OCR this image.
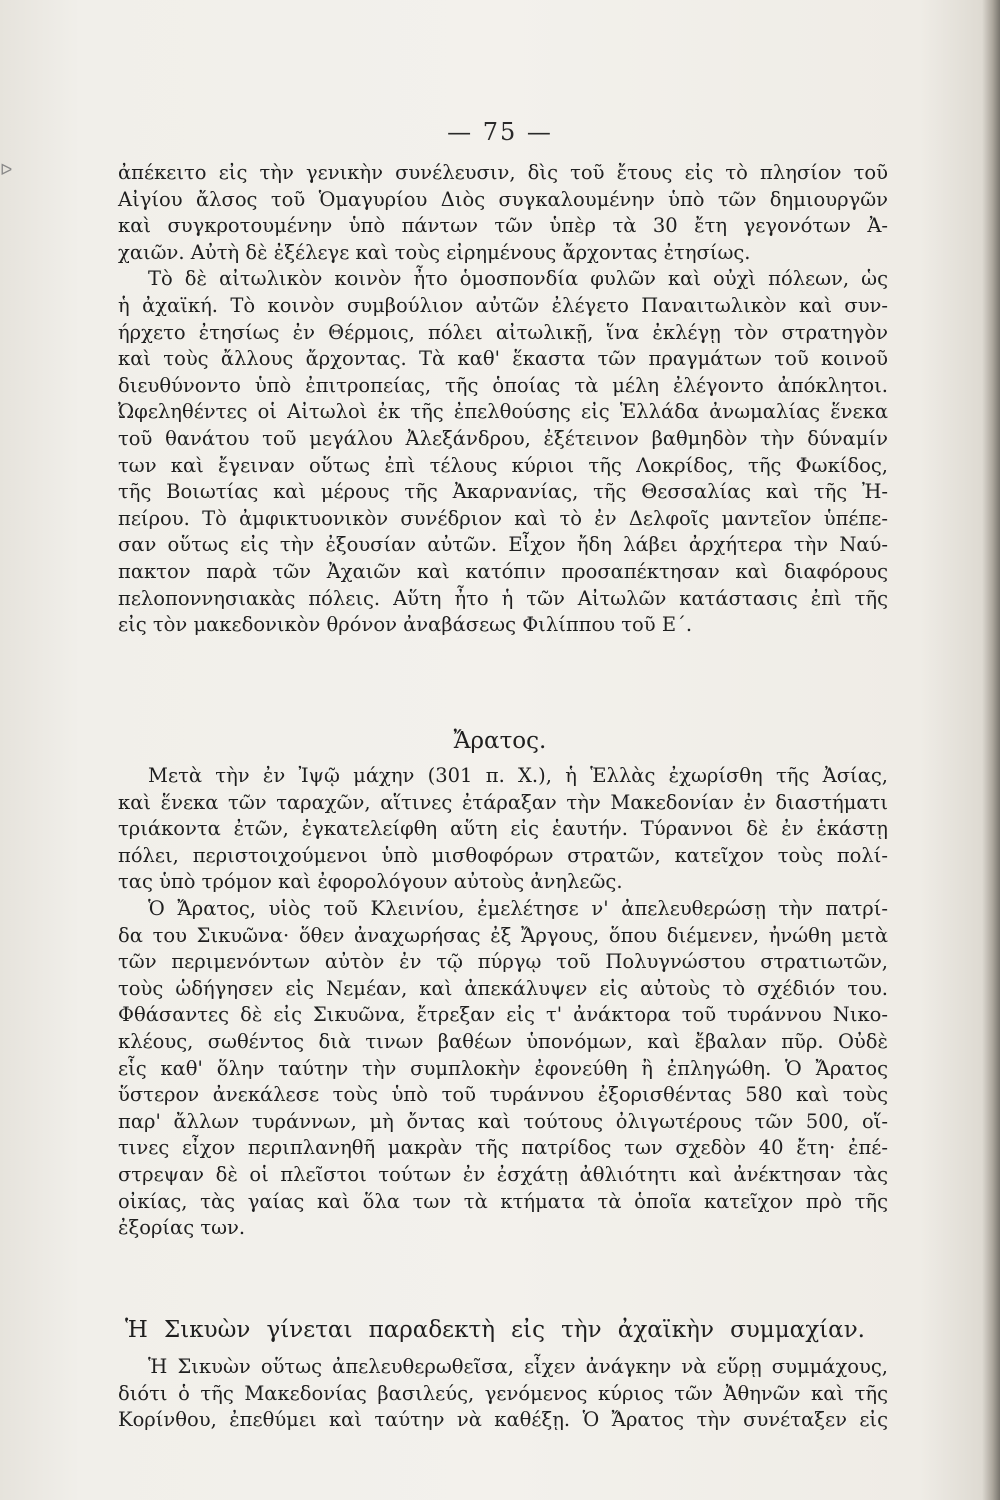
ᐅ
— 75 —
ἀπέκειτο εἰς τὴν γενικὴν συνέλευσιν, δὶς τοῦ ἔτους εἰς τὸ πλησίον τοῦ
Αἰγίου ἄλσος τοῦ Ὁμαγυρίου Διὸς συγκαλουμένην ὑπὸ τῶν δημιουργῶν
καὶ συγκροτουμένην ὑπὸ πάντων τῶν ὑπὲρ τὰ 30 ἔτη γεγονότων Ἀ-
χαιῶν. Αὐτὴ δὲ ἐξέλεγε καὶ τοὺς εἰρημένους ἄρχοντας ἐτησίως.
Τὸ δὲ αἰτωλικὸν κοινὸν ἦτο ὁμοσπονδία φυλῶν καὶ οὐχὶ πόλεων, ὡς
ἡ ἀχαϊκή. Τὸ κοινὸν συμβούλιον αὐτῶν ἐλέγετο Παναιτωλικὸν καὶ συν-
ήρχετο ἐτησίως ἐν Θέρμοις, πόλει αἰτωλικῇ, ἵνα ἐκλέγῃ τὸν στρατηγὸν
καὶ τοὺς ἄλλους ἄρχοντας. Τὰ καθ' ἕκαστα τῶν πραγμάτων τοῦ κοινοῦ
διευθύνοντο ὑπὸ ἐπιτροπείας, τῆς ὁποίας τὰ μέλη ἐλέγοντο ἀπόκλητοι.
Ὠφεληθέντες οἱ Αἰτωλοὶ ἐκ τῆς ἐπελθούσης εἰς Ἑλλάδα ἀνωμαλίας ἕνεκα
τοῦ θανάτου τοῦ μεγάλου Ἀλεξάνδρου, ἐξέτεινον βαθμηδὸν τὴν δύναμίν
των καὶ ἔγειναν οὕτως ἐπὶ τέλους κύριοι τῆς Λοκρίδος, τῆς Φωκίδος,
τῆς Βοιωτίας καὶ μέρους τῆς Ἀκαρνανίας, τῆς Θεσσαλίας καὶ τῆς Ἠ-
πείρου. Τὸ ἀμφικτυονικὸν συνέδριον καὶ τὸ ἐν Δελφοῖς μαντεῖον ὑπέπε-
σαν οὕτως εἰς τὴν ἐξουσίαν αὐτῶν. Εἶχον ἤδη λάβει ἀρχήτερα τὴν Ναύ-
πακτον παρὰ τῶν Ἀχαιῶν καὶ κατόπιν προσαπέκτησαν καὶ διαφόρους
πελοποννησιακὰς πόλεις. Αὕτη ἦτο ἡ τῶν Αἰτωλῶν κατάστασις ἐπὶ τῆς
εἰς τὸν μακεδονικὸν θρόνον ἀναβάσεως Φιλίππου τοῦ Ε΄.
Ἄρατος.
Μετὰ τὴν ἐν Ἰψῷ μάχην (301 π. Χ.), ἡ Ἑλλὰς ἐχωρίσθη τῆς Ἀσίας,
καὶ ἕνεκα τῶν ταραχῶν, αἵτινες ἐτάραξαν τὴν Μακεδονίαν ἐν διαστήματι
τριάκοντα ἐτῶν, ἐγκατελείφθη αὕτη εἰς ἑαυτήν. Τύραννοι δὲ ἐν ἑκάστῃ
πόλει, περιστοιχούμενοι ὑπὸ μισθοφόρων στρατῶν, κατεῖχον τοὺς πολί-
τας ὑπὸ τρόμον καὶ ἐφορολόγουν αὐτοὺς ἀνηλεῶς.
Ὁ Ἄρατος, υἱὸς τοῦ Κλεινίου, ἐμελέτησε ν' ἀπελευθερώσῃ τὴν πατρί-
δα του Σικυῶνα· ὅθεν ἀναχωρήσας ἐξ Ἄργους, ὅπου διέμενεν, ἠνώθη μετὰ
τῶν περιμενόντων αὐτὸν ἐν τῷ πύργῳ τοῦ Πολυγνώστου στρατιωτῶν,
τοὺς ὡδήγησεν εἰς Νεμέαν, καὶ ἀπεκάλυψεν εἰς αὐτοὺς τὸ σχέδιόν του.
Φθάσαντες δὲ εἰς Σικυῶνα, ἔτρεξαν εἰς τ' ἀνάκτορα τοῦ τυράννου Νικο-
κλέους, σωθέντος διὰ τινων βαθέων ὑπονόμων, καὶ ἔβαλαν πῦρ. Οὐδὲ
εἷς καθ' ὅλην ταύτην τὴν συμπλοκὴν ἐφονεύθη ἢ ἐπληγώθη. Ὁ Ἄρατος
ὕστερον ἀνεκάλεσε τοὺς ὑπὸ τοῦ τυράννου ἐξορισθέντας 580 καὶ τοὺς
παρ' ἄλλων τυράννων, μὴ ὄντας καὶ τούτους ὀλιγωτέρους τῶν 500, οἵ-
τινες εἶχον περιπλανηθῆ μακρὰν τῆς πατρίδος των σχεδὸν 40 ἔτη· ἐπέ-
στρεψαν δὲ οἱ πλεῖστοι τούτων ἐν ἐσχάτῃ ἀθλιότητι καὶ ἀνέκτησαν τὰς
οἰκίας, τὰς γαίας καὶ ὅλα των τὰ κτήματα τὰ ὁποῖα κατεῖχον πρὸ τῆς
ἐξορίας των.
Ἡ Σικυὼν γίνεται παραδεκτὴ εἰς τὴν ἀχαϊκὴν συμμαχίαν.
Ἡ Σικυὼν οὕτως ἀπελευθερωθεῖσα, εἶχεν ἀνάγκην νὰ εὕρῃ συμμάχους,
διότι ὁ τῆς Μακεδονίας βασιλεύς, γενόμενος κύριος τῶν Ἀθηνῶν καὶ τῆς
Κορίνθου, ἐπεθύμει καὶ ταύτην νὰ καθέξῃ. Ὁ Ἄρατος τὴν συνέταξεν εἰς
